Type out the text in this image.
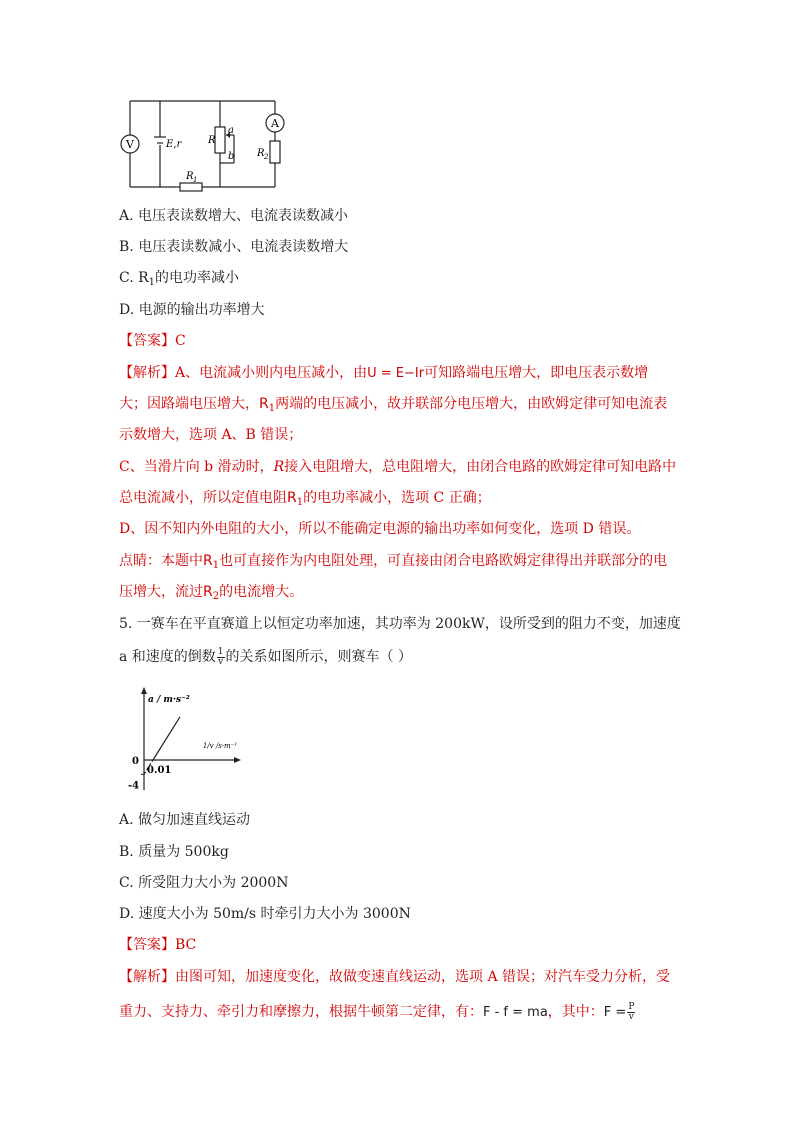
V	E,r	R
a
b
A
R 2
R 1
A. 电压表读数增大、电流表读数减小
B. 电压表读数减小、电流表读数增大
C. $R_1$的电功率减小
D. 电源的输出功率增大
【答案】C
【解析】A、电流减小则内电压减小，由U = E−Ir可知路端电压增大，即电压表示数增
大；因路端电压增大，$R_1$两端的电压减小，故并联部分电压增大，由欧姆定律可知电流表
示数增大，选项 A、B 错误；
C、当滑片向 b 滑动时，R接入电阻增大，总电阻增大，由闭合电路的欧姆定律可知电路中
总电流减小，所以定值电阻$R_1$的电功率减小，选项 C 正确；
D、因不知内外电阻的大小，所以不能确定电源的输出功率如何变化，选项 D 错误。
点睛：本题中$R_1$也可直接作为内电阻处理，可直接由闭合电路欧姆定律得出并联部分的电
压增大，流过$R_2$的电流增大。
5. 一赛车在平直赛道上以恒定功率加速，其功率为 200kW，设所受到的阻力不变，加速度
a 和速度的倒数 $\frac{1}{v}$ 的关系如图所示，则赛车（ ）
0
-4
0.01
a / m·s⁻²
1/v /s·m⁻¹
A. 做匀加速直线运动
B. 质量为 500kg
C. 所受阻力大小为 2000N
D. 速度大小为 50m/s 时牵引力大小为 3000N
【答案】BC
【解析】由图可知，加速度变化，故做变速直线运动，选项 A 错误；对汽车受力分析，受
重力、支持力、牵引力和摩擦力，根据牛顿第二定律，有：F - f = ma，其中：$F = \frac{P}{v}$
